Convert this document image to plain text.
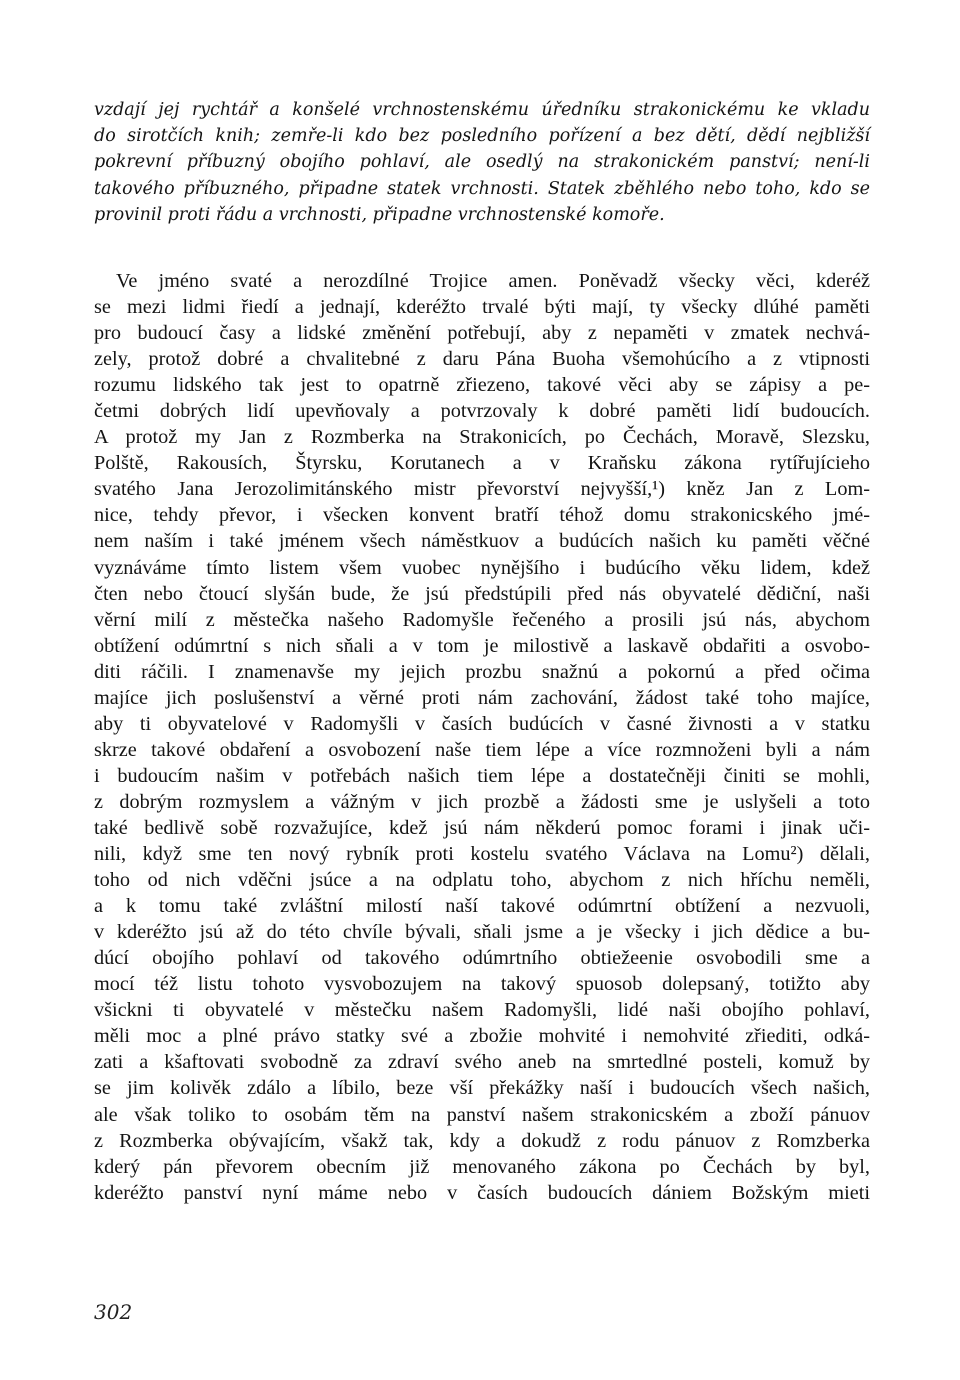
vzdají jej rychtář a konšelé vrchnostenskému úředníku strakonickému ke vkladu
do sirotčích knih; zemře-li kdo bez posledního pořízení a bez dětí, dědí nejbližší
pokrevní příbuzný obojího pohlaví, ale osedlý na strakonickém panství; není-li
takového příbuzného, připadne statek vrchnosti. Statek zběhlého nebo toho, kdo se
provinil proti řádu a vrchnosti, připadne vrchnostenské komoře.
Ve jméno svaté a nerozdílné Trojice amen. Poněvadž všecky věci, kderéž
se mezi lidmi řiedí a jednají, kderéžto trvalé býti mají, ty všecky dlúhé paměti
pro budoucí časy a lidské změnění potřebují, aby z nepaměti v zmatek nechvá-
zely, protož dobré a chvalitebné z daru Pána Buoha všemohúcího a z vtipnosti
rozumu lidského tak jest to opatrně zřiezeno, takové věci aby se zápisy a pe-
četmi dobrých lidí upevňovaly a potvrzovaly k dobré paměti lidí budoucích.
A protož my Jan z Rozmberka na Strakonicích, po Čechách, Moravě, Slezsku,
Polště, Rakousích, Štyrsku, Korutanech a v Kraňsku zákona rytířujícieho
svatého Jana Jerozolimitánského mistr převorství nejvyšší,¹) kněz Jan z Lom-
nice, tehdy převor, i všecken konvent bratří téhož domu strakonicského jmé-
nem naším i také jménem všech náměstkuov a budúcích našich ku paměti věčné
vyznáváme tímto listem všem vuobec nynějšího i budúcího věku lidem, kdež
čten nebo čtoucí slyšán bude, že jsú předstúpili před nás obyvatelé dědiční, naši
věrní milí z městečka našeho Radomyšle řečeného a prosili jsú nás, abychom
obtížení odúmrtní s nich sňali a v tom je milostivě a laskavě obdařiti a osvobo-
diti ráčili. I znamenavše my jejich prozbu snažnú a pokornú a před očima
majíce jich poslušenství a věrné proti nám zachování, žádost také toho majíce,
aby ti obyvatelové v Radomyšli v časích budúcích v časné živnosti a v statku
skrze takové obdaření a osvobození naše tiem lépe a více rozmnoženi byli a nám
i budoucím našim v potřebách našich tiem lépe a dostatečněji činiti se mohli,
z dobrým rozmyslem a vážným v jich prozbě a žádosti sme je uslyšeli a toto
také bedlivě sobě rozvažujíce, kdež jsú nám někderú pomoc forami i jinak uči-
nili, když sme ten nový rybník proti kostelu svatého Václava na Lomu²) dělali,
toho od nich vděčni jsúce a na odplatu toho, abychom z nich hříchu neměli,
a k tomu také zvláštní milostí naší takové odúmrtní obtížení a nezvuoli,
v kderéžto jsú až do této chvíle bývali, sňali jsme a je všecky i jich dědice a bu-
dúcí obojího pohlaví od takového odúmrtního obtiežeenie osvobodili sme a
mocí též listu tohoto vysvobozujem na takový spuosob dolepsaný, totižto aby
všickni ti obyvatelé v městečku našem Radomyšli, lidé naši obojího pohlaví,
měli moc a plné právo statky své a zbožie mohvité i nemohvité zřiediti, odká-
zati a kšaftovati svobodně za zdraví svého aneb na smrtedlné posteli, komuž by
se jim kolivěk zdálo a líbilo, beze vší překážky naší i budoucích všech našich,
ale však toliko to osobám těm na panství našem strakonicském a zboží pánuov
z Rozmberka obývajícím, všakž tak, kdy a dokudž z rodu pánuov z Romzberka
kderý pán převorem obecním již menovaného zákona po Čechách by byl,
kderéžto panství nyní máme nebo v časích budoucích dániem Božským mieti
302
